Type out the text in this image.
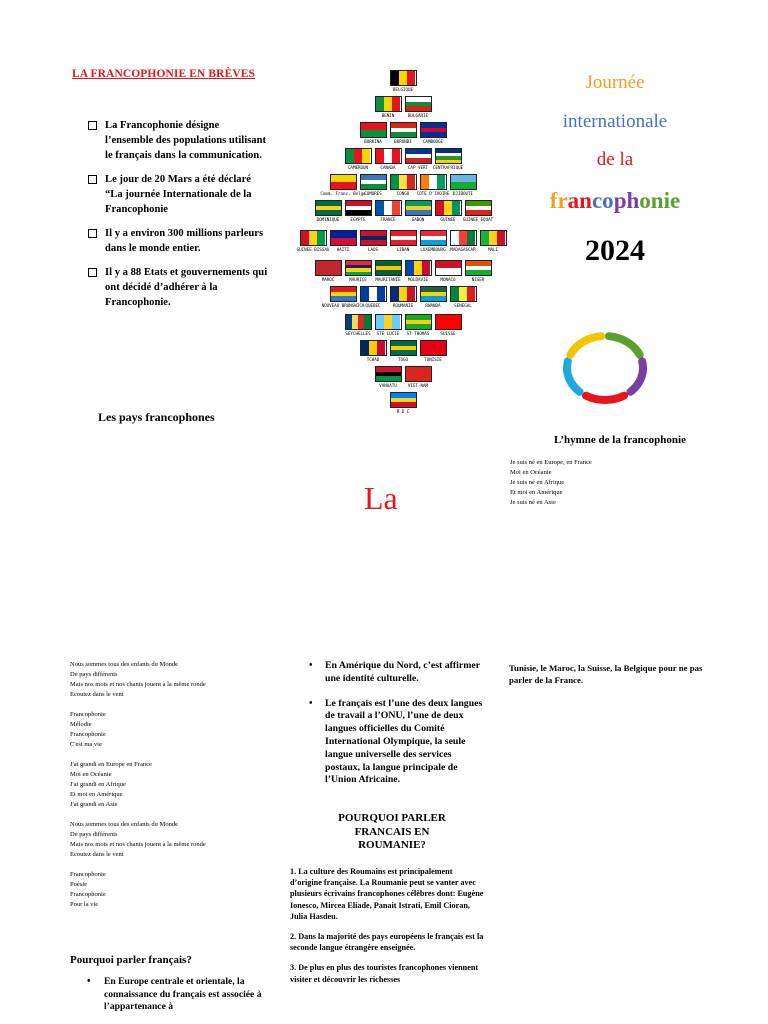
LA FRANCOPHONIE EN BRÈVES
La Francophonie désigne l’ensemble des populations utilisant le français dans la communication.
Le jour de 20 Mars a été déclaré “La journée Internationale de la Francophonie
Il y a environ 300 millions parleurs dans le monde entier.
Il y a 88 Etats et gouvernements qui ont décidé d’adhérer à la Francophonie.
Les pays francophones
BELGIQUE
BENIN	BULGARIE
BURKINA	BURUNDI	CAMBODGE
CAMEROUN	CANADA	CAP VERT CENTRAFRIQUE
Comm. Franc. Belge
COMORES	CONGO COTE D'IVOIRE DJIBOUTI
DOMINIQUE	EGYPTE	FRANCE	GABON	GUINEE GUINEE EQUAT
GUINEE BISSAU HAITI	LAOS	LIBAN	LUXEMBOURG MADAGASCAR	MALI
MAROC	MAURICE MAURITANIE MOLDAVIE	MONACO	NIGER
NOUVEAU BRUNSWICK QUEBEC	ROUMANIE	RWANDA	SENEGAL
SEYCHELLES STE LUCIE ST THOMAS	SUISSE
TCHAD	TOGO	TUNISIE
VANUATU	VIET-NAM
R D C
Journée
internationale
de la
francophonie
2024
L’hymne de la francophonie
Je suis né en Europe, en France
Moi en Océanie
Je suis né en Afrique
Et moi en Amérique
Je suis né en Asie
La
Nous sommes tous des enfants du Monde
De pays différents
Mais nos mots et nos chants jouent à la même ronde
Ecoutez dans le vent
Francophonie
Mélodie
Francophonie
C'est ma vie
J'ai grandi en Europe en France
Moi en Océanie
J'ai grandi en Afrique
Et moi en Amérique
J'ai grandi en Asie
Nous sommes tous des enfants du Monde
De pays différents
Mais nos mots et nos chants jouent à la même ronde
Ecoutez dans le vent
Francophonie
Poésie
Francophonie
Pour la vie
Pourquoi parler français?
• En Europe centrale et orientale, la connaissance du français est associée à l’appartenance à
• En Amérique du Nord, c’est affirmer une identité culturelle.
• Le français est l’une des deux langues de travail a l’ONU, l’une de deux langues officielles du Comité International Olympique, la seule langue universelle des services postaux, la langue principale de l’Union Africaine.
POURQUOI PARLER FRANCAIS EN ROUMANIE?

1. La culture des Roumains est principalement d’origine française. La Roumanie peut se vanter avec plusieurs écrivains francophones célèbres dont: Eugène Ionesco, Mircea Eliade, Panait Istrati, Emil Cioran, Julia Hasdeu.

2. Dans la majorité des pays européens le français est la seconde langue étrangère enseignée.

3. De plus en plus des touristes francophones viennent visiter et découvrir les richesses

Tunisie, le Maroc, la Suisse, la Belgique pour ne pas parler de la France.
